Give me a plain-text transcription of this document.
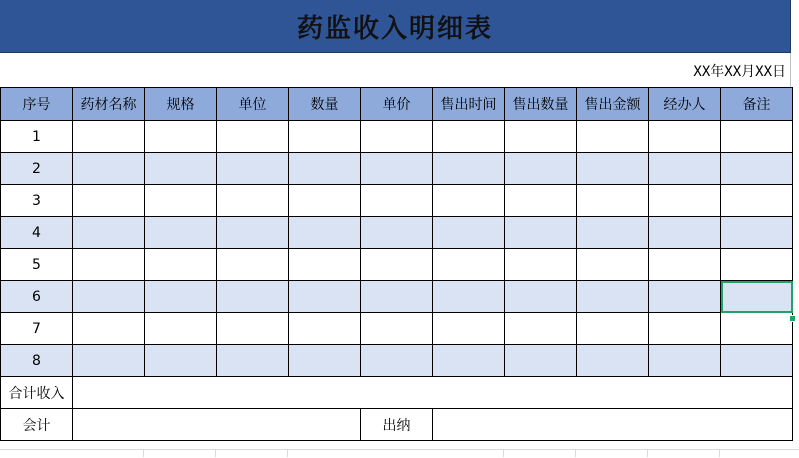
药监收入明细表
XX年XX月XX日
序号	药材名称	规格	单位	数量	单价	售出时间	售出数量	售出金额	经办人	备注
1										
2										
3										
4										
5										
6										
7										
8										
合计收入										
会计					出纳					
